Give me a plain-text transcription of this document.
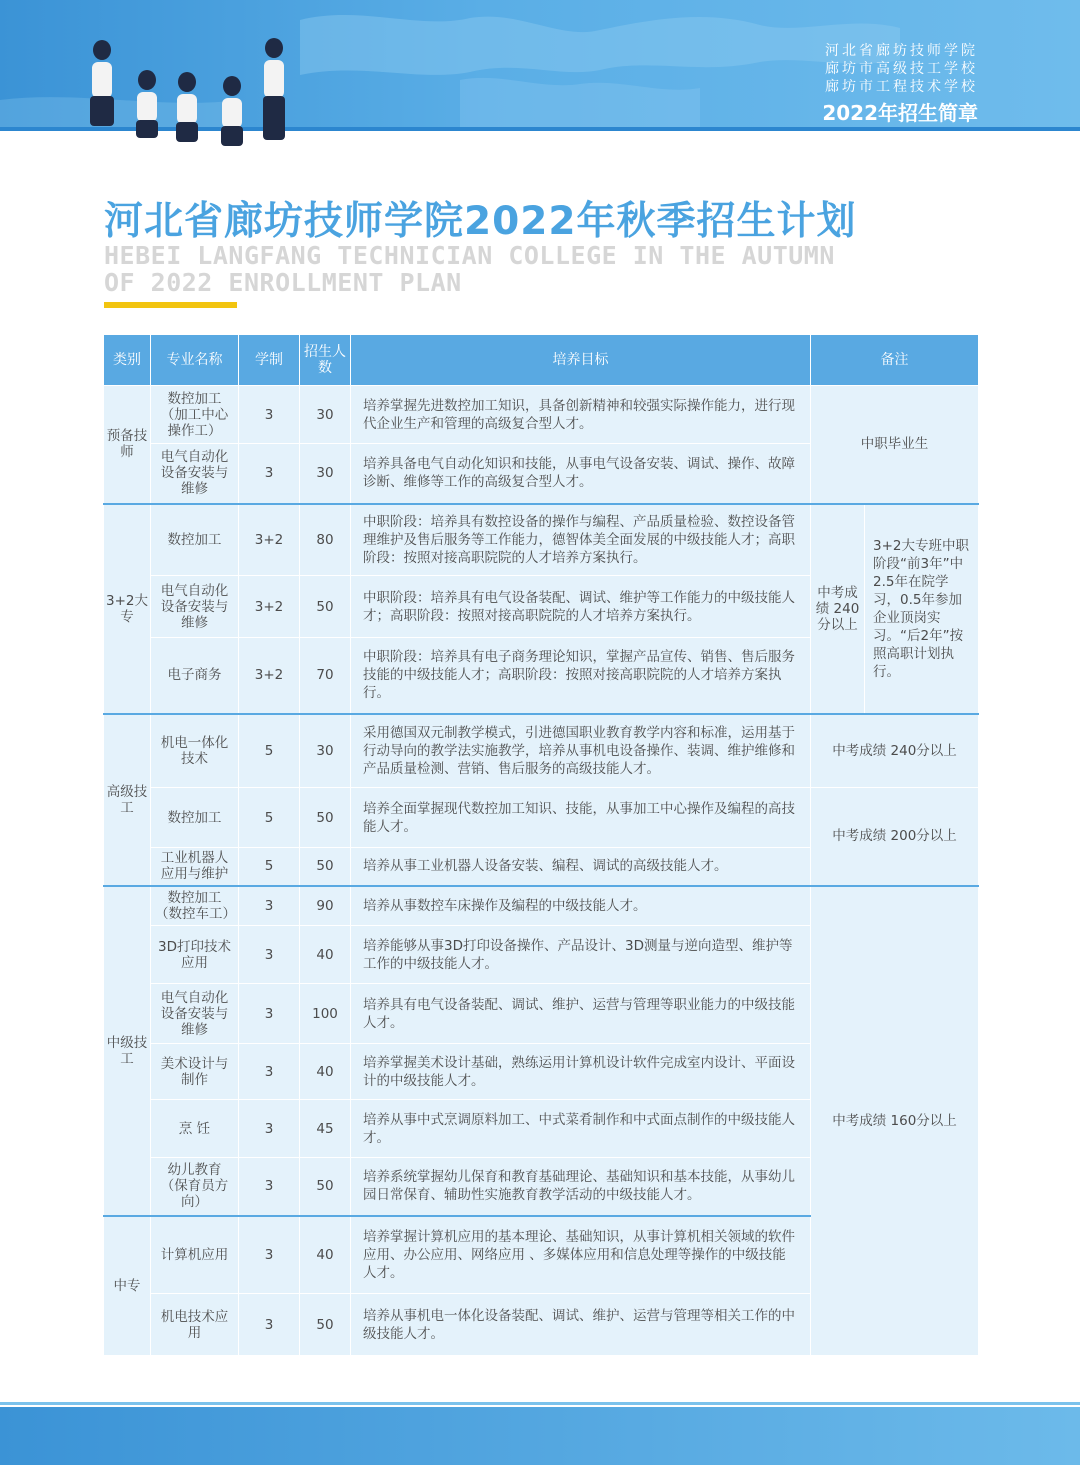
河北省廊坊技师学院
廊坊市高级技工学校
廊坊市工程技术学校
2022年招生简章
河北省廊坊技师学院2022年秋季招生计划
HEBEI LANGFANG TECHNICIAN COLLEGE IN THE AUTUMN OF 2022 ENROLLMENT PLAN
类别	专业名称	学制	招生人数	培养目标	备注	
预备技师	数控加工（加工中心操作工）	3	30	培养掌握先进数控加工知识，具备创新精神和较强实际操作能力，进行现代企业生产和管理的高级复合型人才。	中职毕业生	
	电气自动化设备安装与维修	3	30	培养具备电气自动化知识和技能，从事电气设备安装、调试、操作、故障诊断、维修等工作的高级复合型人才。		
3+2大专	数控加工	3+2	80	中职阶段：培养具有数控设备的操作与编程、产品质量检验、数控设备管理维护及售后服务等工作能力，德智体美全面发展的中级技能人才；高职阶段：按照对接高职院院的人才培养方案执行。	中考成绩 240分以上	3+2大专班中职阶段“前3年”中2.5年在院学习，0.5年参加企业顶岗实习。“后2年”按照高职计划执行。
	电气自动化设备安装与维修	3+2	50	中职阶段：培养具有电气设备装配、调试、维护等工作能力的中级技能人才；高职阶段：按照对接高职院院的人才培养方案执行。		
	电子商务	3+2	70	中职阶段：培养具有电子商务理论知识，掌握产品宣传、销售、售后服务技能的中级技能人才；高职阶段：按照对接高职院院的人才培养方案执行。		
高级技工	机电一体化技术	5	30	采用德国双元制教学模式，引进德国职业教育教学内容和标准，运用基于行动导向的教学法实施教学，培养从事机电设备操作、装调、维护维修和产品质量检测、营销、售后服务的高级技能人才。	中考成绩 240分以上	
	数控加工	5	50	培养全面掌握现代数控加工知识、技能，从事加工中心操作及编程的高技能人才。	中考成绩 200分以上	
	工业机器人应用与维护	5	50	培养从事工业机器人设备安装、编程、调试的高级技能人才。		
中级技工	数控加工（数控车工）	3	90	培养从事数控车床操作及编程的中级技能人才。	中考成绩 160分以上	
	3D打印技术应用	3	40	培养能够从事3D打印设备操作、产品设计、3D测量与逆向造型、维护等工作的中级技能人才。		
	电气自动化设备安装与维修	3	100	培养具有电气设备装配、调试、维护、运营与管理等职业能力的中级技能人才。		
	美术设计与制作	3	40	培养掌握美术设计基础，熟练运用计算机设计软件完成室内设计、平面设计的中级技能人才。		
	烹 饪	3	45	培养从事中式烹调原料加工、中式菜肴制作和中式面点制作的中级技能人才。		
	幼儿教育（保育员方向）	3	50	培养系统掌握幼儿保育和教育基础理论、基础知识和基本技能，从事幼儿园日常保育、辅助性实施教育教学活动的中级技能人才。		
中专	计算机应用	3	40	培养掌握计算机应用的基本理论、基础知识，从事计算机相关领域的软件应用、办公应用、网络应用 、多媒体应用和信息处理等操作的中级技能人才。		
	机电技术应用	3	50	培养从事机电一体化设备装配、调试、维护、运营与管理等相关工作的中级技能人才。		
